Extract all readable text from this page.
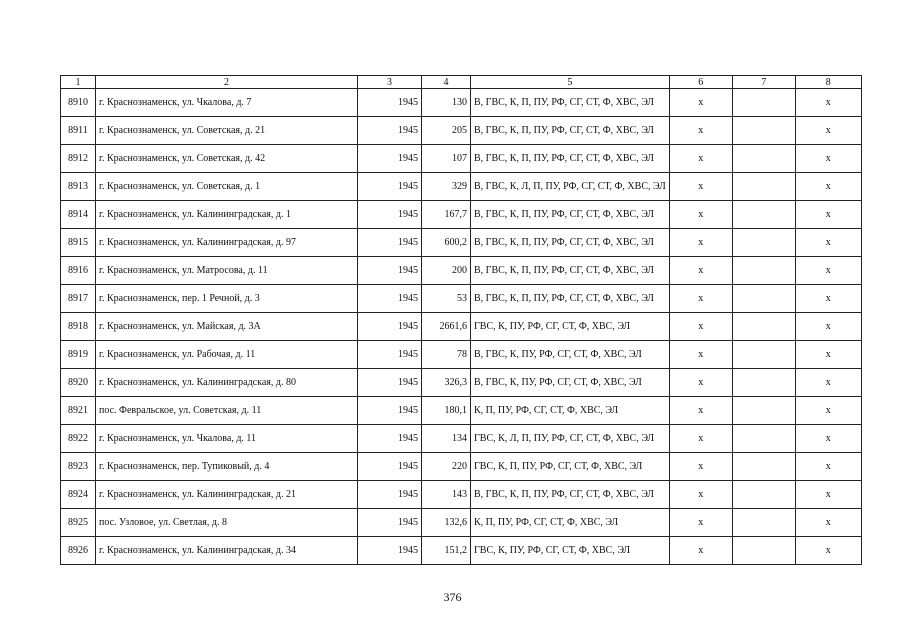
1	2	3	4	5	6	7	8
8910	г. Краснознаменск, ул. Чкалова, д. 7	1945	130	В, ГВС, К, П, ПУ, РФ, СГ, СТ, Ф, ХВС, ЭЛ	х		х
8911	г. Краснознаменск, ул. Советская, д. 21	1945	205	В, ГВС, К, П, ПУ, РФ, СГ, СТ, Ф, ХВС, ЭЛ	х		х
8912	г. Краснознаменск, ул. Советская, д. 42	1945	107	В, ГВС, К, П, ПУ, РФ, СГ, СТ, Ф, ХВС, ЭЛ	х		х
8913	г. Краснознаменск, ул. Советская, д. 1	1945	329	В, ГВС, К, Л, П, ПУ, РФ, СГ, СТ, Ф, ХВС, ЭЛ	х		х
8914	г. Краснознаменск, ул. Калининградская, д. 1	1945	167,7	В, ГВС, К, П, ПУ, РФ, СГ, СТ, Ф, ХВС, ЭЛ	х		х
8915	г. Краснознаменск, ул. Калининградская, д. 97	1945	600,2	В, ГВС, К, П, ПУ, РФ, СГ, СТ, Ф, ХВС, ЭЛ	х		х
8916	г. Краснознаменск, ул. Матросова, д. 11	1945	200	В, ГВС, К, П, ПУ, РФ, СГ, СТ, Ф, ХВС, ЭЛ	х		х
8917	г. Краснознаменск, пер. 1 Речной, д. 3	1945	53	В, ГВС, К, П, ПУ, РФ, СГ, СТ, Ф, ХВС, ЭЛ	х		х
8918	г. Краснознаменск, ул. Майская, д. 3А	1945	2661,6	ГВС, К, ПУ, РФ, СГ, СТ, Ф, ХВС, ЭЛ	х		х
8919	г. Краснознаменск, ул. Рабочая, д. 11	1945	78	В, ГВС, К, ПУ, РФ, СГ, СТ, Ф, ХВС, ЭЛ	х		х
8920	г. Краснознаменск, ул. Калининградская, д. 80	1945	326,3	В, ГВС, К, ПУ, РФ, СГ, СТ, Ф, ХВС, ЭЛ	х		х
8921	пос. Февральское, ул. Советская, д. 11	1945	180,1	К, П, ПУ, РФ, СГ, СТ, Ф, ХВС, ЭЛ	х		х
8922	г. Краснознаменск, ул. Чкалова, д. 11	1945	134	ГВС, К, Л, П, ПУ, РФ, СГ, СТ, Ф, ХВС, ЭЛ	х		х
8923	г. Краснознаменск, пер. Тупиковый, д. 4	1945	220	ГВС, К, П, ПУ, РФ, СГ, СТ, Ф, ХВС, ЭЛ	х		х
8924	г. Краснознаменск, ул. Калининградская, д. 21	1945	143	В, ГВС, К, П, ПУ, РФ, СГ, СТ, Ф, ХВС, ЭЛ	х		х
8925	пос. Узловое, ул. Светлая, д. 8	1945	132,6	К, П, ПУ, РФ, СГ, СТ, Ф, ХВС, ЭЛ	х		х
8926	г. Краснознаменск, ул. Калининградская, д. 34	1945	151,2	ГВС, К, ПУ, РФ, СГ, СТ, Ф, ХВС, ЭЛ	х		х
376
